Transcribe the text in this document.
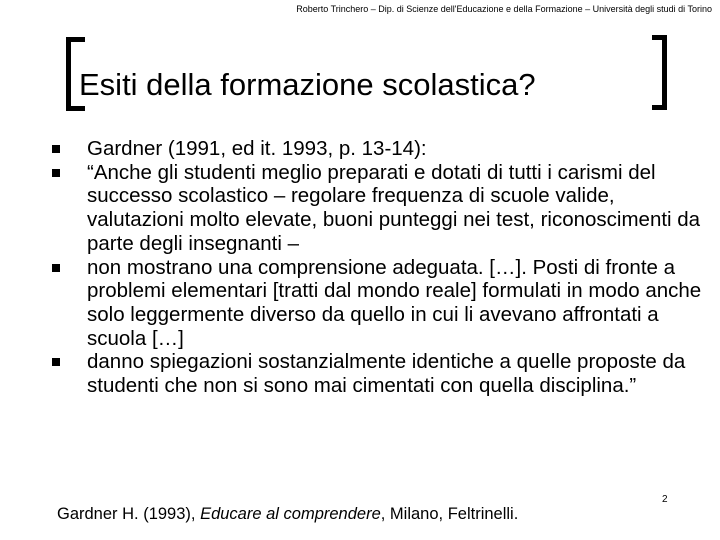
Roberto Trinchero – Dip. di Scienze dell'Educazione e della Formazione – Università degli studi di Torino
Esiti della formazione scolastica?
Gardner (1991, ed it. 1993, p. 13-14):
“Anche gli studenti meglio preparati e dotati di tutti i carismi del successo scolastico – regolare frequenza di scuole valide, valutazioni molto elevate, buoni punteggi nei test, riconoscimenti da parte degli insegnanti –
non mostrano una comprensione adeguata. […]. Posti di fronte a problemi elementari [tratti dal mondo reale] formulati in modo anche solo leggermente diverso da quello in cui li avevano affrontati a scuola […]
danno spiegazioni sostanzialmente identiche a quelle proposte da studenti che non si sono mai cimentati con quella disciplina.”
Gardner H. (1993), Educare al comprendere, Milano, Feltrinelli.
2
